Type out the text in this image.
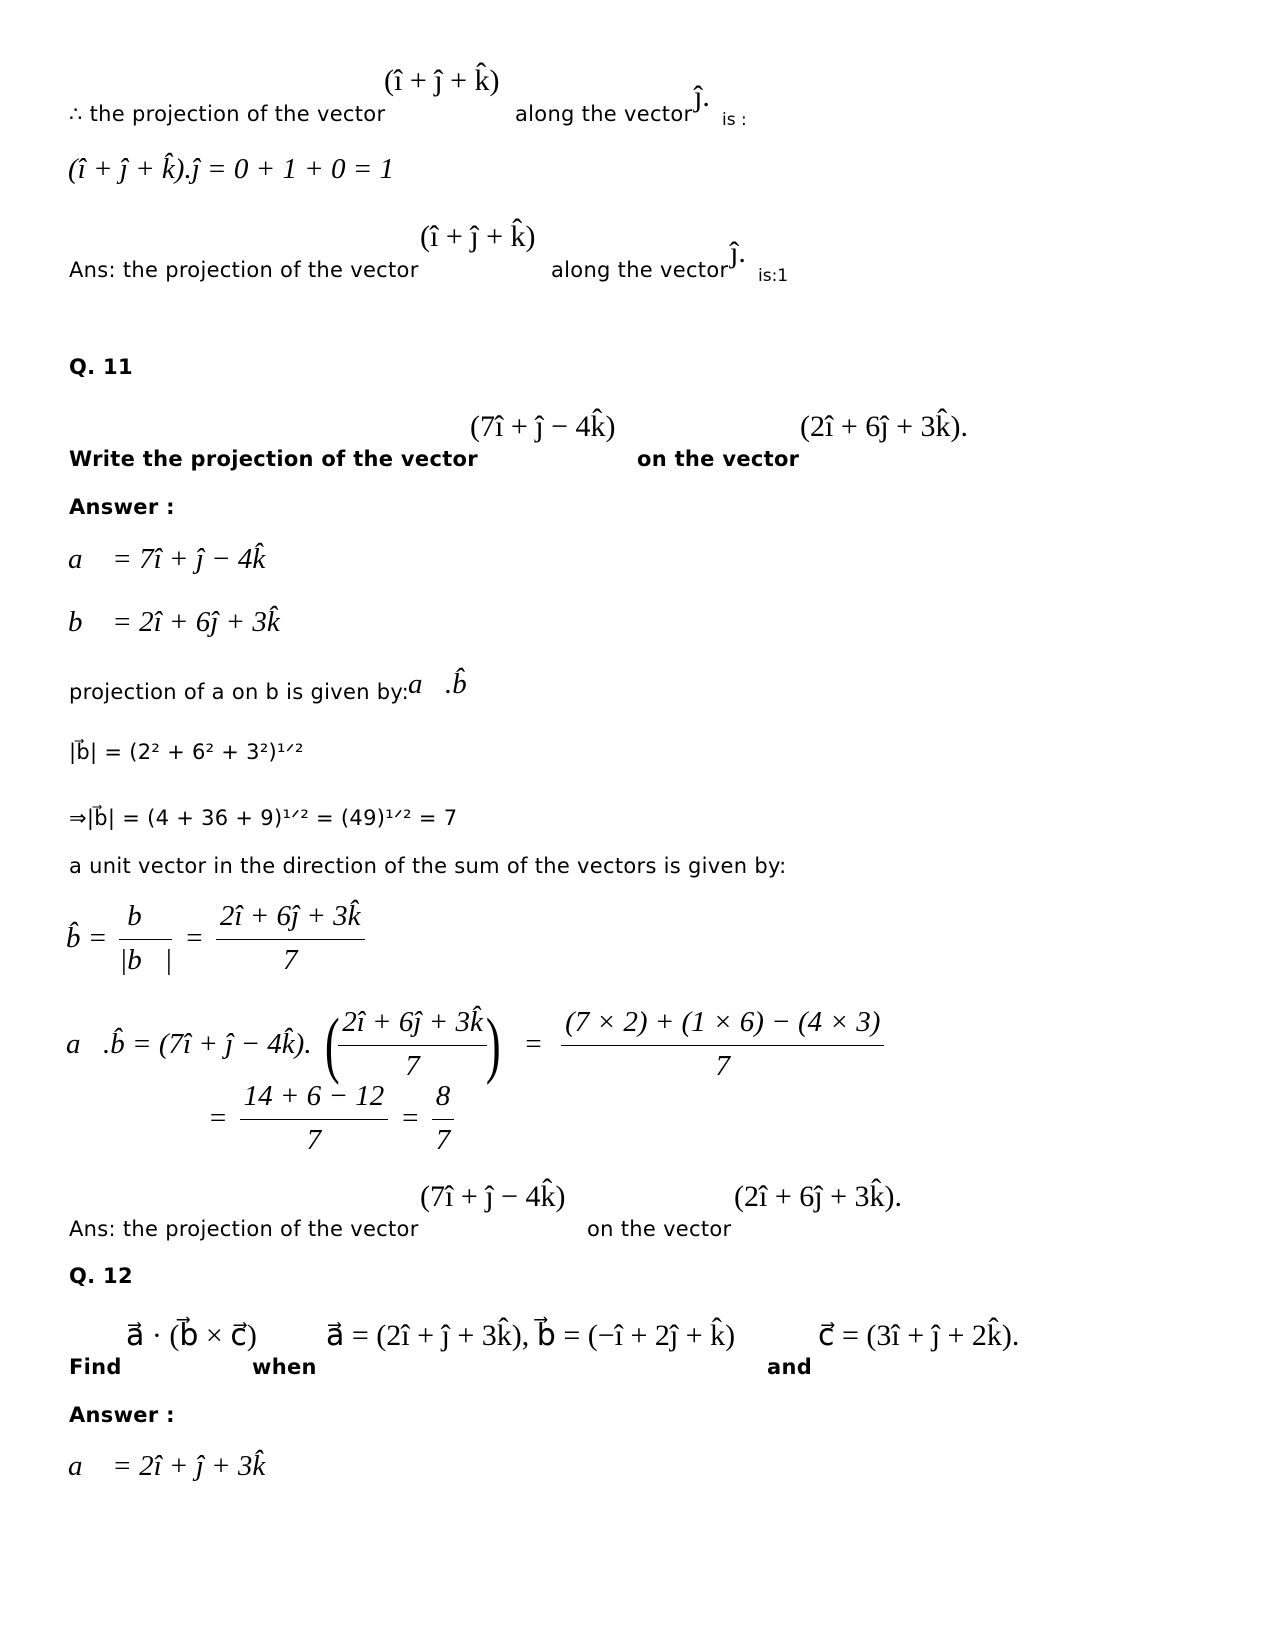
∴ the projection of the vector
(î + ĵ + k̂)
along the vector
ĵ.
is :
(î + ĵ + k̂).ĵ = 0 + 1 + 0 = 1
Ans: the projection of the vector
(î + ĵ + k̂)
along the vector
ĵ.
is:1
Q. 11
Write the projection of the vector
(7î + ĵ − 4k̂)
on the vector
(2î + 6ĵ + 3k̂).
Answer :
a⃗ = 7î + ĵ − 4k̂
b⃗ = 2î + 6ĵ + 3k̂
projection of a on b is given by:
a⃗.b̂
|b⃗| = (2² + 6² + 3²)¹ᐟ²
⇒|b⃗| = (4 + 36 + 9)¹ᐟ² = (49)¹ᐟ² = 7
a unit vector in the direction of the sum of the vectors is given by:
b̂ = $\frac{b⃗}{|b⃗|} = \frac{2î + 6ĵ + 3k̂}{7}$
a⃗.b̂ = (7î + ĵ − 4k̂). (
$\frac{2î + 6ĵ + 3k̂}{7}$
) = $\frac{(7 \times 2) + (1 \times 6) - (4 \times 3)}{7}$
= $\frac{14 + 6 - 12}{7} = \frac{8}{7}$
Ans: the projection of the vector
(7î + ĵ − 4k̂)
on the vector
(2î + 6ĵ + 3k̂).
Q. 12
Find
a⃗ · (b⃗ × c⃗)
when
a⃗ = (2î + ĵ + 3k̂), b⃗ = (−î + 2ĵ + k̂)
and
c⃗ = (3î + ĵ + 2k̂).
Answer :
a⃗ = 2î + ĵ + 3k̂
